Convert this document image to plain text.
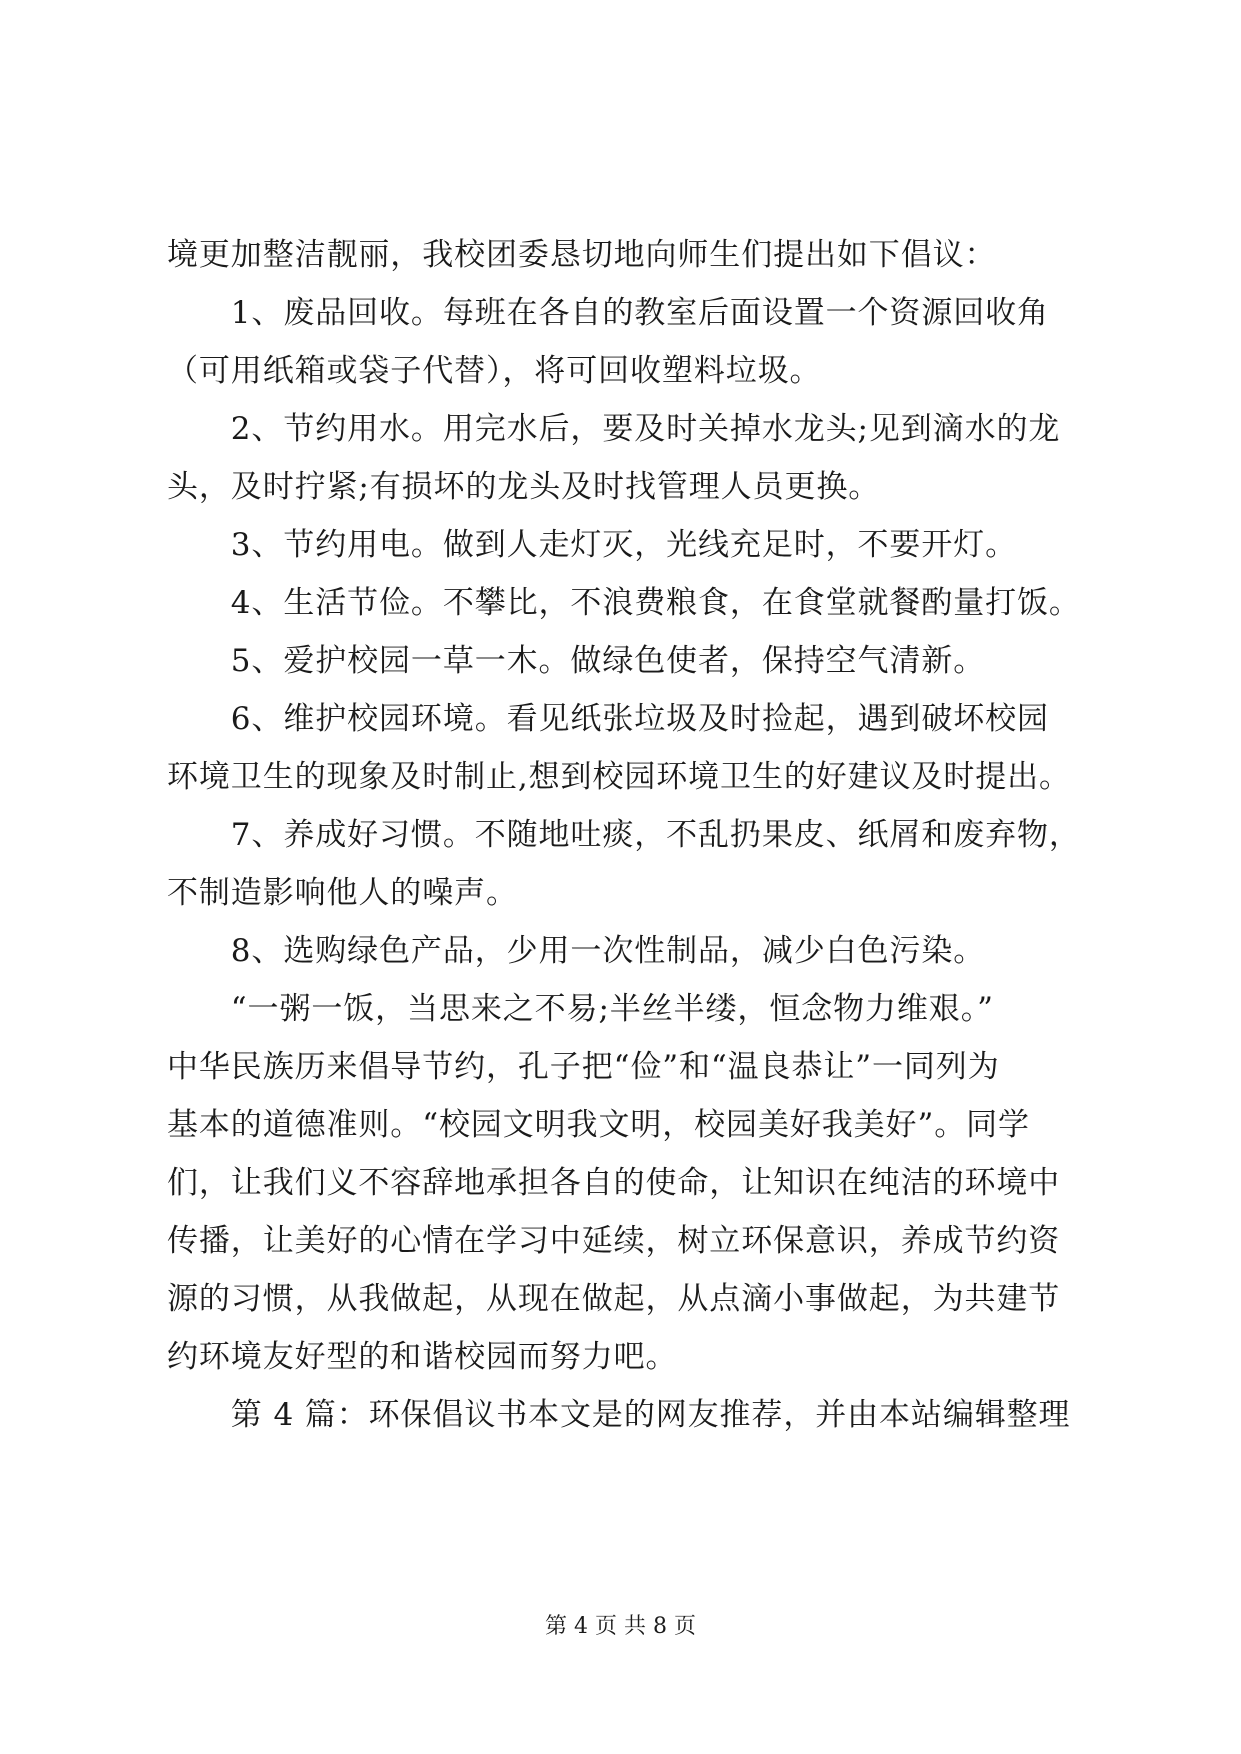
境更加整洁靓丽，我校团委恳切地向师生们提出如下倡议：
　　1、废品回收。每班在各自的教室后面设置一个资源回收角
（可用纸箱或袋子代替），将可回收塑料垃圾。
　　2、节约用水。用完水后，要及时关掉水龙头;见到滴水的龙
头，及时拧紧;有损坏的龙头及时找管理人员更换。
　　3、节约用电。做到人走灯灭，光线充足时，不要开灯。
　　4、生活节俭。不攀比，不浪费粮食，在食堂就餐酌量打饭。
　　5、爱护校园一草一木。做绿色使者，保持空气清新。
　　6、维护校园环境。看见纸张垃圾及时捡起，遇到破坏校园
环境卫生的现象及时制止,想到校园环境卫生的好建议及时提出。
　　7、养成好习惯。不随地吐痰，不乱扔果皮、纸屑和废弃物，
不制造影响他人的噪声。
　　8、选购绿色产品，少用一次性制品，减少白色污染。
　　“一粥一饭，当思来之不易;半丝半缕，恒念物力维艰。”
中华民族历来倡导节约，孔子把“俭”和“温良恭让”一同列为
基本的道德准则。“校园文明我文明，校园美好我美好”。同学
们，让我们义不容辞地承担各自的使命，让知识在纯洁的环境中
传播，让美好的心情在学习中延续，树立环保意识，养成节约资
源的习惯，从我做起，从现在做起，从点滴小事做起，为共建节
约环境友好型的和谐校园而努力吧。
　　第 4 篇：环保倡议书本文是的网友推荐，并由本站编辑整理
第 4 页 共 8 页
